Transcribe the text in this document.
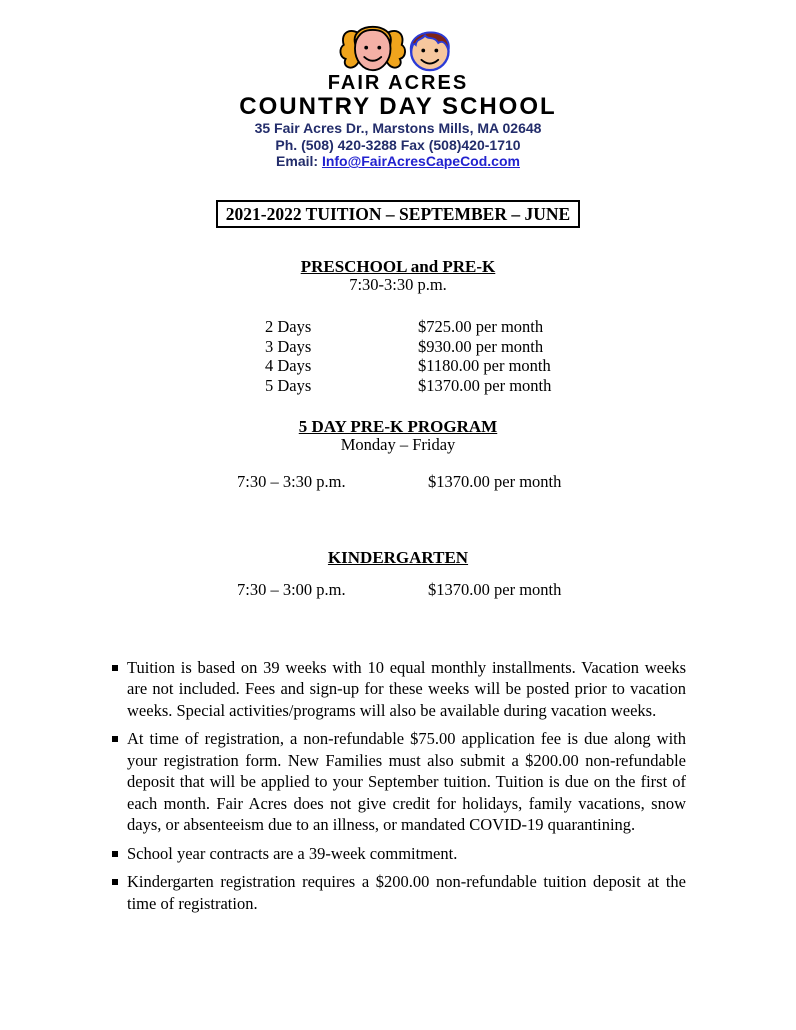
FAIR ACRES
COUNTRY DAY SCHOOL
35 Fair Acres Dr., Marstons Mills, MA 02648
Ph. (508) 420-3288 Fax (508)420-1710
Email: Info@FairAcresCapeCod.com
2021-2022 TUITION – SEPTEMBER – JUNE
PRESCHOOL and PRE-K
7:30-3:30 p.m.
2 Days	$725.00 per month
3 Days	$930.00 per month
4 Days	$1180.00 per month
5 Days	$1370.00 per month
5 DAY PRE-K PROGRAM
Monday – Friday
7:30 – 3:30 p.m.	$1370.00 per month
KINDERGARTEN
7:30 – 3:00 p.m.	$1370.00 per month
Tuition is based on 39 weeks with 10 equal monthly installments. Vacation weeks are not included. Fees and sign-up for these weeks will be posted prior to vacation weeks. Special activities/programs will also be available during vacation weeks.
At time of registration, a non-refundable $75.00 application fee is due along with your registration form. New Families must also submit a $200.00 non-refundable deposit that will be applied to your September tuition. Tuition is due on the first of each month. Fair Acres does not give credit for holidays, family vacations, snow days, or absenteeism due to an illness, or mandated COVID-19 quarantining.
School year contracts are a 39-week commitment.
Kindergarten registration requires a $200.00 non-refundable tuition deposit at the time of registration.
